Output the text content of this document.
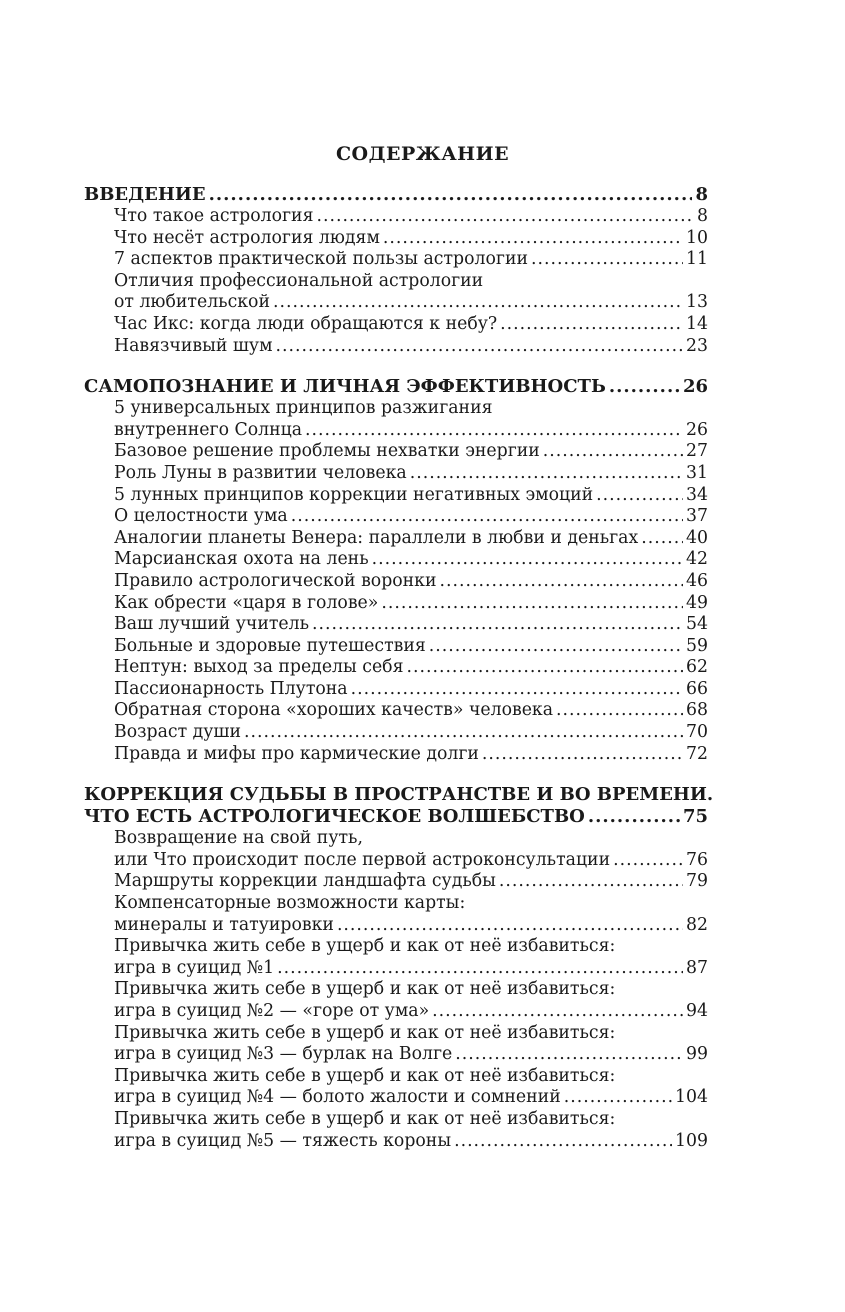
СОДЕРЖАНИЕ
ВВЕДЕНИЕ .....	8
Что такое астрология .....	8
Что несёт астрология людям .....	10
7 аспектов практической пользы астрологии .....	11
Отличия профессиональной астрологии
от любительской .....	13
Час Икс: когда люди обращаются к небу? .....	14
Навязчивый шум .....	23
САМОПОЗНАНИЕ И ЛИЧНАЯ ЭФФЕКТИВНОСТЬ .....	26
5 универсальных принципов разжигания
внутреннего Солнца .....	26
Базовое решение проблемы нехватки энергии .....	27
Роль Луны в развитии человека .....	31
5 лунных принципов коррекции негативных эмоций .....	34
О целостности ума .....	37
Аналогии планеты Венера: параллели в любви и деньгах .....	40
Марсианская охота на лень .....	42
Правило астрологической воронки .....	46
Как обрести «царя в голове» .....	49
Ваш лучший учитель .....	54
Больные и здоровые путешествия .....	59
Нептун: выход за пределы себя .....	62
Пассионарность Плутона .....	66
Обратная сторона «хороших качеств» человека .....	68
Возраст души .....	70
Правда и мифы про кармические долги .....	72
КОРРЕКЦИЯ СУДЬБЫ В ПРОСТРАНСТВЕ И ВО ВРЕМЕНИ.
ЧТО ЕСТЬ АСТРОЛОГИЧЕСКОЕ ВОЛШЕБСТВО .....	75
Возвращение на свой путь,
или Что происходит после первой астроконсультации .....	76
Маршруты коррекции ландшафта судьбы .....	79
Компенсаторные возможности карты:
минералы и татуировки .....	82
Привычка жить себе в ущерб и как от неё избавиться:
игра в суицид №1 .....	87
Привычка жить себе в ущерб и как от неё избавиться:
игра в суицид №2 — «горе от ума» .....	94
Привычка жить себе в ущерб и как от неё избавиться:
игра в суицид №3 — бурлак на Волге .....	99
Привычка жить себе в ущерб и как от неё избавиться:
игра в суицид №4 — болото жалости и сомнений .....	104
Привычка жить себе в ущерб и как от неё избавиться:
игра в суицид №5 — тяжесть короны .....	109
